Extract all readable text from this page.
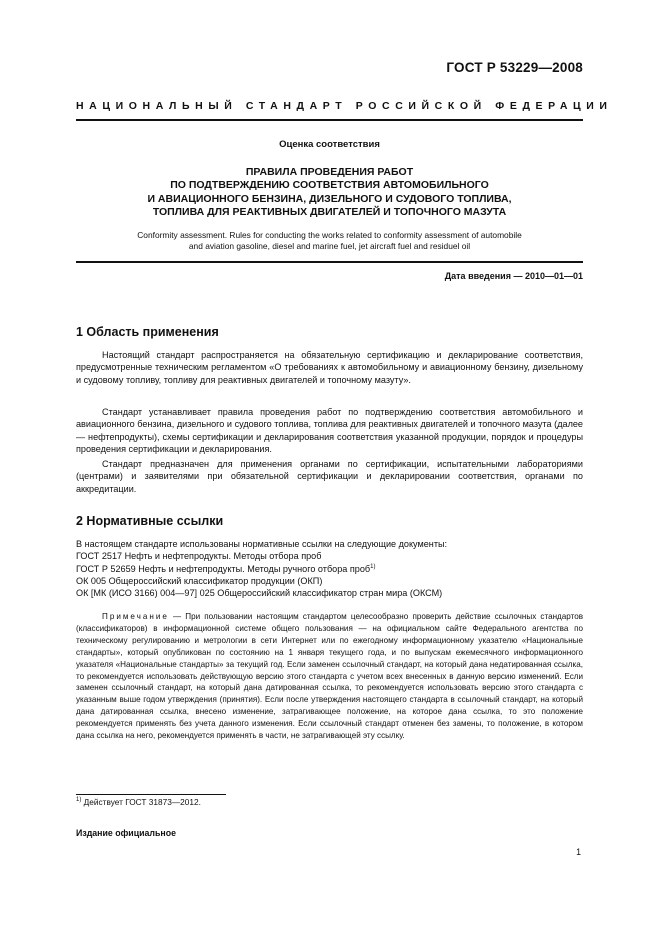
ГОСТ Р 53229—2008
НАЦИОНАЛЬНЫЙ СТАНДАРТ РОССИЙСКОЙ ФЕДЕРАЦИИ
Оценка соответствия
ПРАВИЛА ПРОВЕДЕНИЯ РАБОТ
ПО ПОДТВЕРЖДЕНИЮ СООТВЕТСТВИЯ АВТОМОБИЛЬНОГО
И АВИАЦИОННОГО БЕНЗИНА, ДИЗЕЛЬНОГО И СУДОВОГО ТОПЛИВА,
ТОПЛИВА ДЛЯ РЕАКТИВНЫХ ДВИГАТЕЛЕЙ И ТОПОЧНОГО МАЗУТА
Conformity assessment. Rules for conducting the works related to conformity assessment of automobile
and aviation gasoline, diesel and marine fuel, jet aircraft fuel and residuel oil
Дата введения — 2010—01—01
1 Область применения

Настоящий стандарт распространяется на обязательную сертификацию и декларирование соответствия, предусмотренные техническим регламентом «О требованиях к автомобильному и авиационному бензину, дизельному и судовому топливу, топливу для реактивных двигателей и топочному мазуту».

Стандарт устанавливает правила проведения работ по подтверждению соответствия автомобильного и авиационного бензина, дизельного и судового топлива, топлива для реактивных двигателей и топочного мазута (далее — нефтепродукты), схемы сертификации и декларирования соответствия указанной продукции, порядок и процедуры проведения сертификации и декларирования.

Стандарт предназначен для применения органами по сертификации, испытательными лабораториями (центрами) и заявителями при обязательной сертификации и декларировании соответствия, органами по аккредитации.

2 Нормативные ссылки
В настоящем стандарте использованы нормативные ссылки на следующие документы:
ГОСТ 2517 Нефть и нефтепродукты. Методы отбора проб
ГОСТ Р 52659 Нефть и нефтепродукты. Методы ручного отбора проб$^{1)}$
ОК 005 Общероссийский классификатор продукции (ОКП)
ОК [МК (ИСО 3166) 004—97] 025 Общероссийский классификатор стран мира (ОКСМ)
Примечание — При пользовании настоящим стандартом целесообразно проверить действие ссылочных стандартов (классификаторов) в информационной системе общего пользования — на официальном сайте Федерального агентства по техническому регулированию и метрологии в сети Интернет или по ежегодному информационному указателю «Национальные стандарты», который опубликован по состоянию на 1 января текущего года, и по выпускам ежемесячного информационного указателя «Национальные стандарты» за текущий год. Если заменен ссылочный стандарт, на который дана недатированная ссылка, то рекомендуется использовать действующую версию этого стандарта с учетом всех внесенных в данную версию изменений. Если заменен ссылочный стандарт, на который дана датированная ссылка, то рекомендуется использовать версию этого стандарта с указанным выше годом утверждения (принятия). Если после утверждения настоящего стандарта в ссылочный стандарт, на который дана датированная ссылка, внесено изменение, затрагивающее положение, на которое дана ссылка, то это положение рекомендуется применять без учета данного изменения. Если ссылочный стандарт отменен без замены, то положение, в котором дана ссылка на него, рекомендуется применять в части, не затрагивающей эту ссылку.
$^{1)}$ Действует ГОСТ 31873—2012.
Издание официальное
1
